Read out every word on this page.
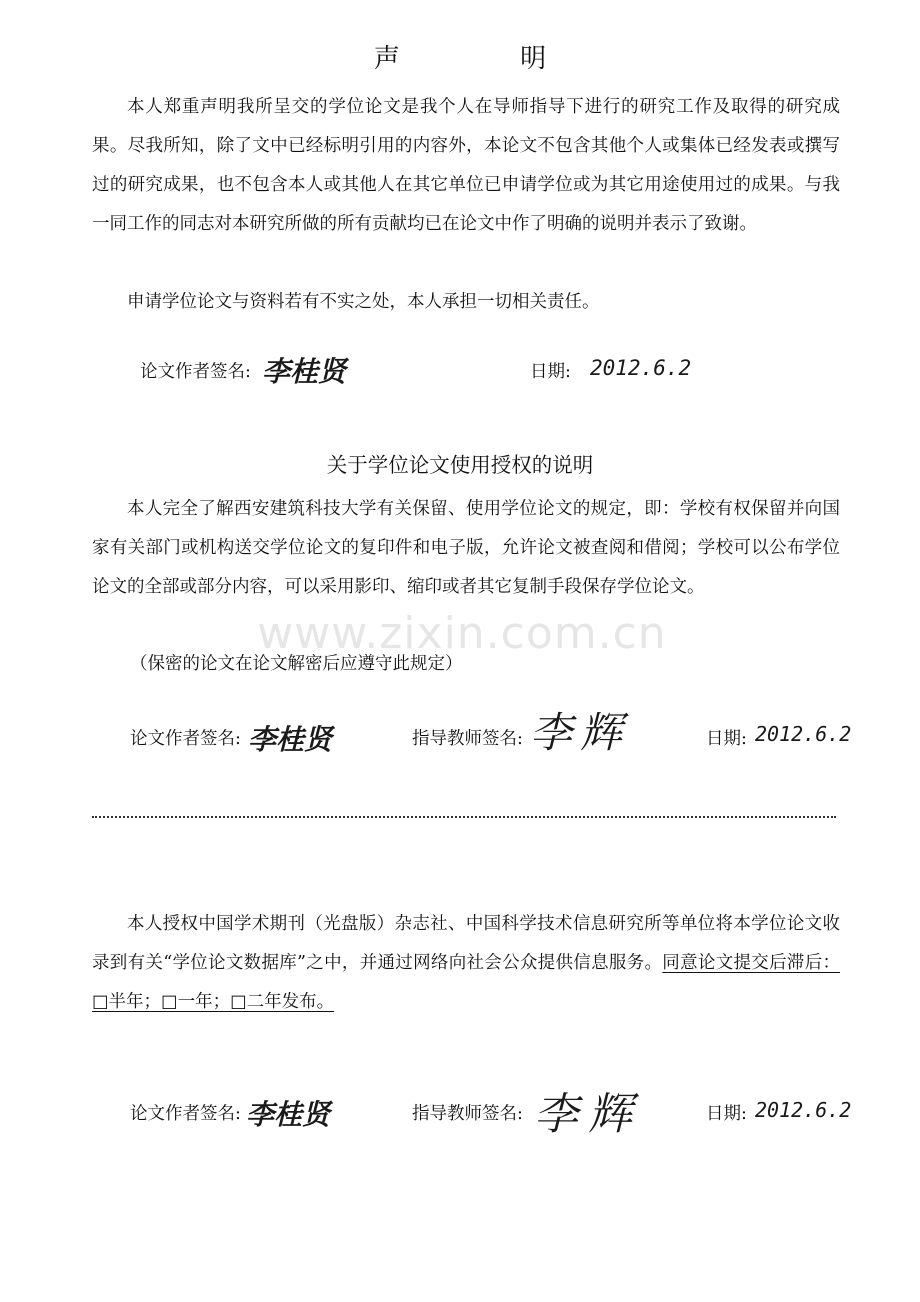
www.zixin.com.cn
声 明
本人郑重声明我所呈交的学位论文是我个人在导师指导下进行的研究工作及取得的研究成果。尽我所知，除了文中已经标明引用的内容外，本论文不包含其他个人或集体已经发表或撰写过的研究成果，也不包含本人或其他人在其它单位已申请学位或为其它用途使用过的成果。与我一同工作的同志对本研究所做的所有贡献均已在论文中作了明确的说明并表示了致谢。
申请学位论文与资料若有不实之处，本人承担一切相关责任。
论文作者签名: 李桂贤	日期: 2012.6.2
关于学位论文使用授权的说明
本人完全了解西安建筑科技大学有关保留、使用学位论文的规定，即：学校有权保留并向国家有关部门或机构送交学位论文的复印件和电子版，允许论文被查阅和借阅；学校可以公布学位论文的全部或部分内容，可以采用影印、缩印或者其它复制手段保存学位论文。
（保密的论文在论文解密后应遵守此规定）
论文作者签名: 李桂贤	指导教师签名: 李辉	日期: 2012.6.2
本人授权中国学术期刊（光盘版）杂志社、中国科学技术信息研究所等单位将本学位论文收录到有关“学位论文数据库”之中，并通过网络向社会公众提供信息服务。同意论文提交后滞后：□半年；□一年；□二年发布。
论文作者签名: 李桂贤	指导教师签名: 李辉	日期: 2012.6.2
